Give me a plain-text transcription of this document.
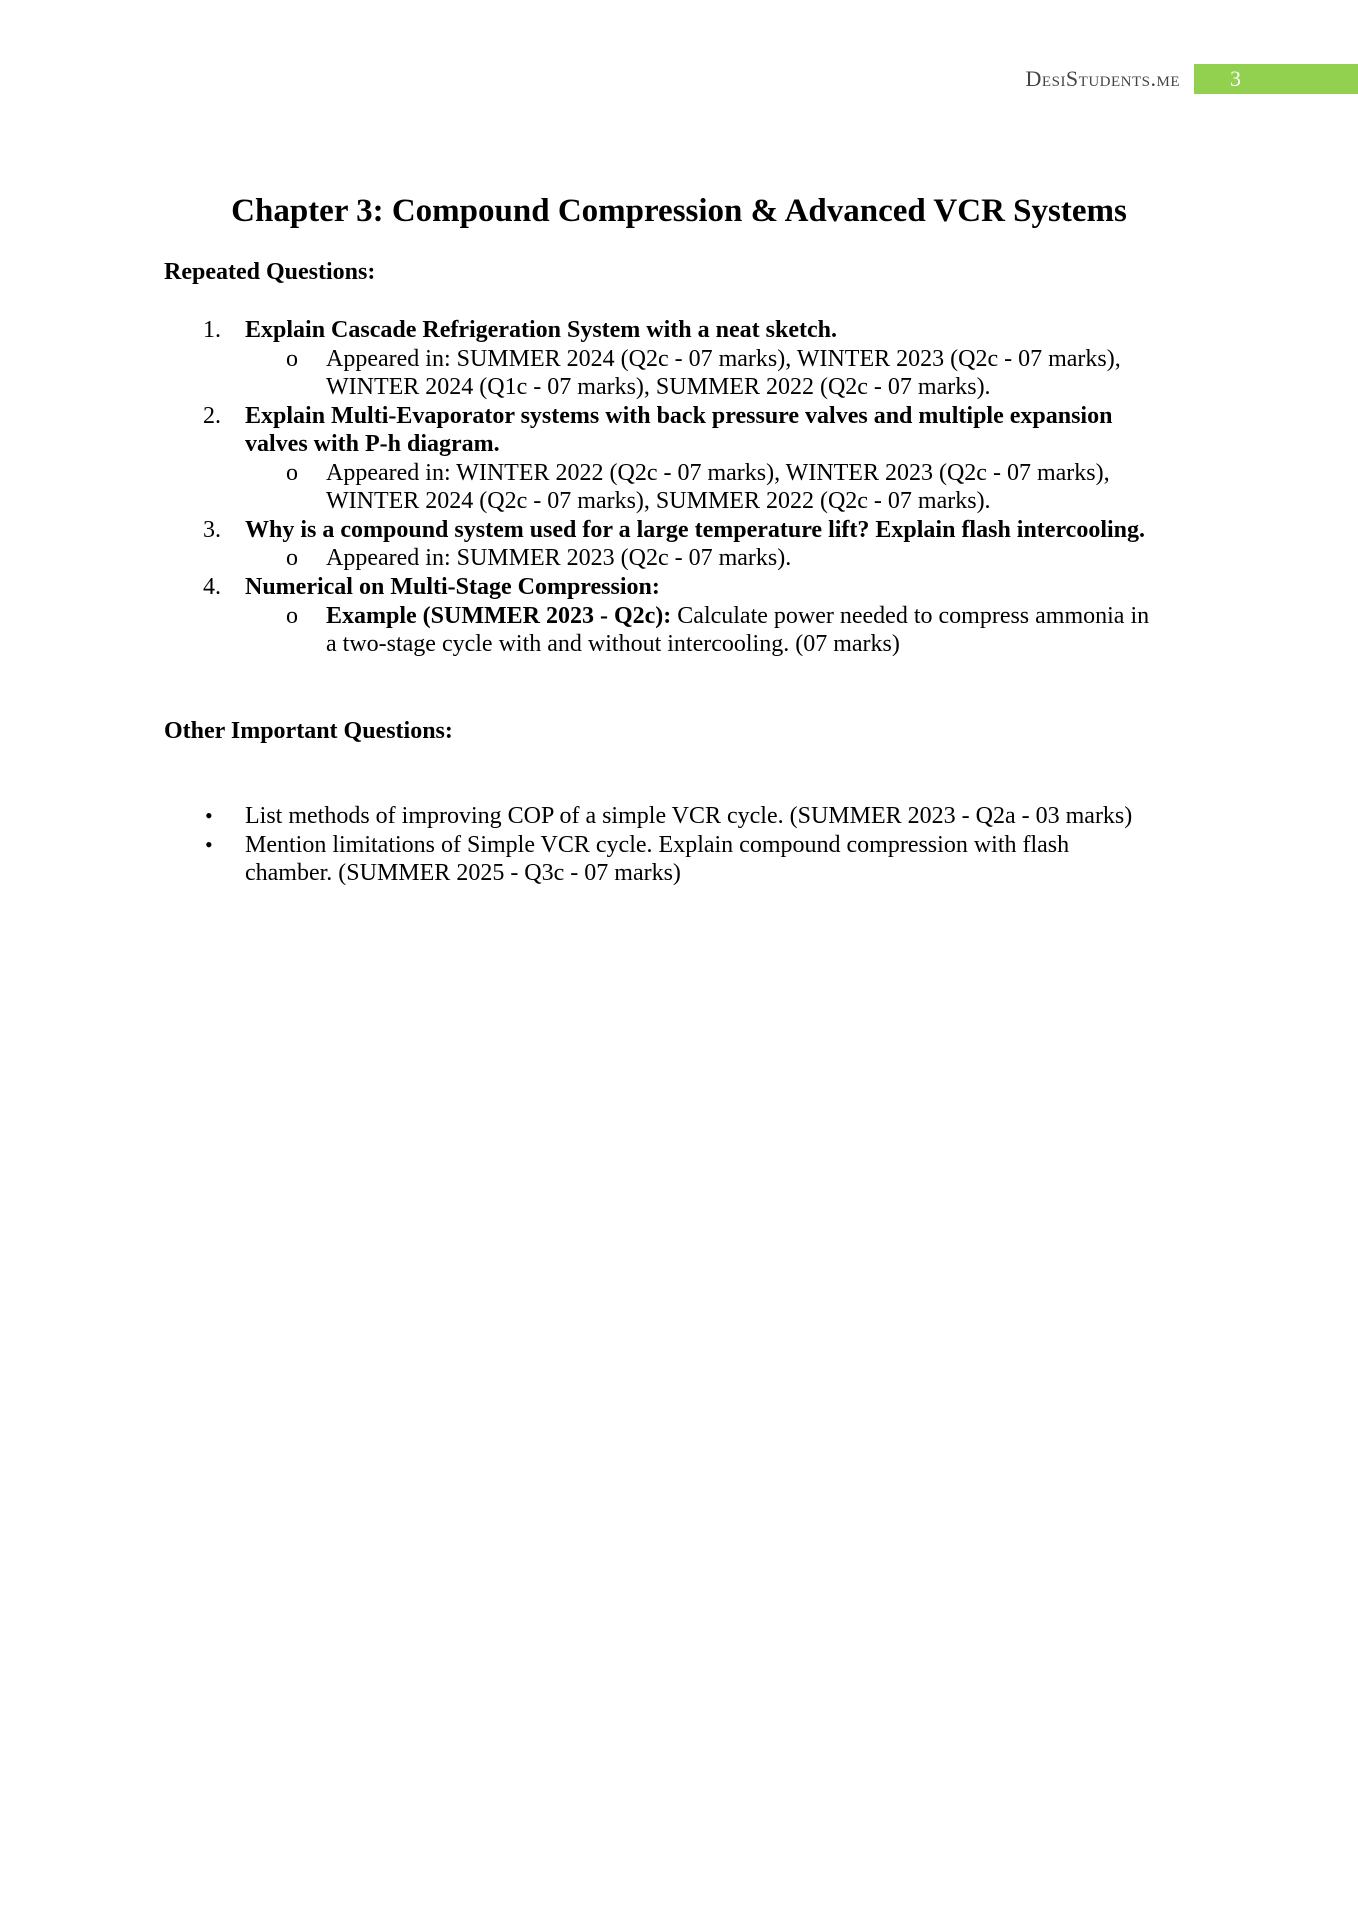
DesiStudents.me 3
Chapter 3: Compound Compression & Advanced VCR Systems
Repeated Questions:
1. Explain Cascade Refrigeration System with a neat sketch.
o Appeared in: SUMMER 2024 (Q2c - 07 marks), WINTER 2023 (Q2c - 07 marks),
WINTER 2024 (Q1c - 07 marks), SUMMER 2022 (Q2c - 07 marks).
2. Explain Multi-Evaporator systems with back pressure valves and multiple expansion
valves with P-h diagram.
o Appeared in: WINTER 2022 (Q2c - 07 marks), WINTER 2023 (Q2c - 07 marks),
WINTER 2024 (Q2c - 07 marks), SUMMER 2022 (Q2c - 07 marks).
3. Why is a compound system used for a large temperature lift? Explain flash intercooling.
o Appeared in: SUMMER 2023 (Q2c - 07 marks).
4. Numerical on Multi-Stage Compression:
o Example (SUMMER 2023 - Q2c): Calculate power needed to compress ammonia in
a two-stage cycle with and without intercooling. (07 marks)
Other Important Questions:
• List methods of improving COP of a simple VCR cycle. (SUMMER 2023 - Q2a - 03 marks)
• Mention limitations of Simple VCR cycle. Explain compound compression with flash
chamber. (SUMMER 2025 - Q3c - 07 marks)
